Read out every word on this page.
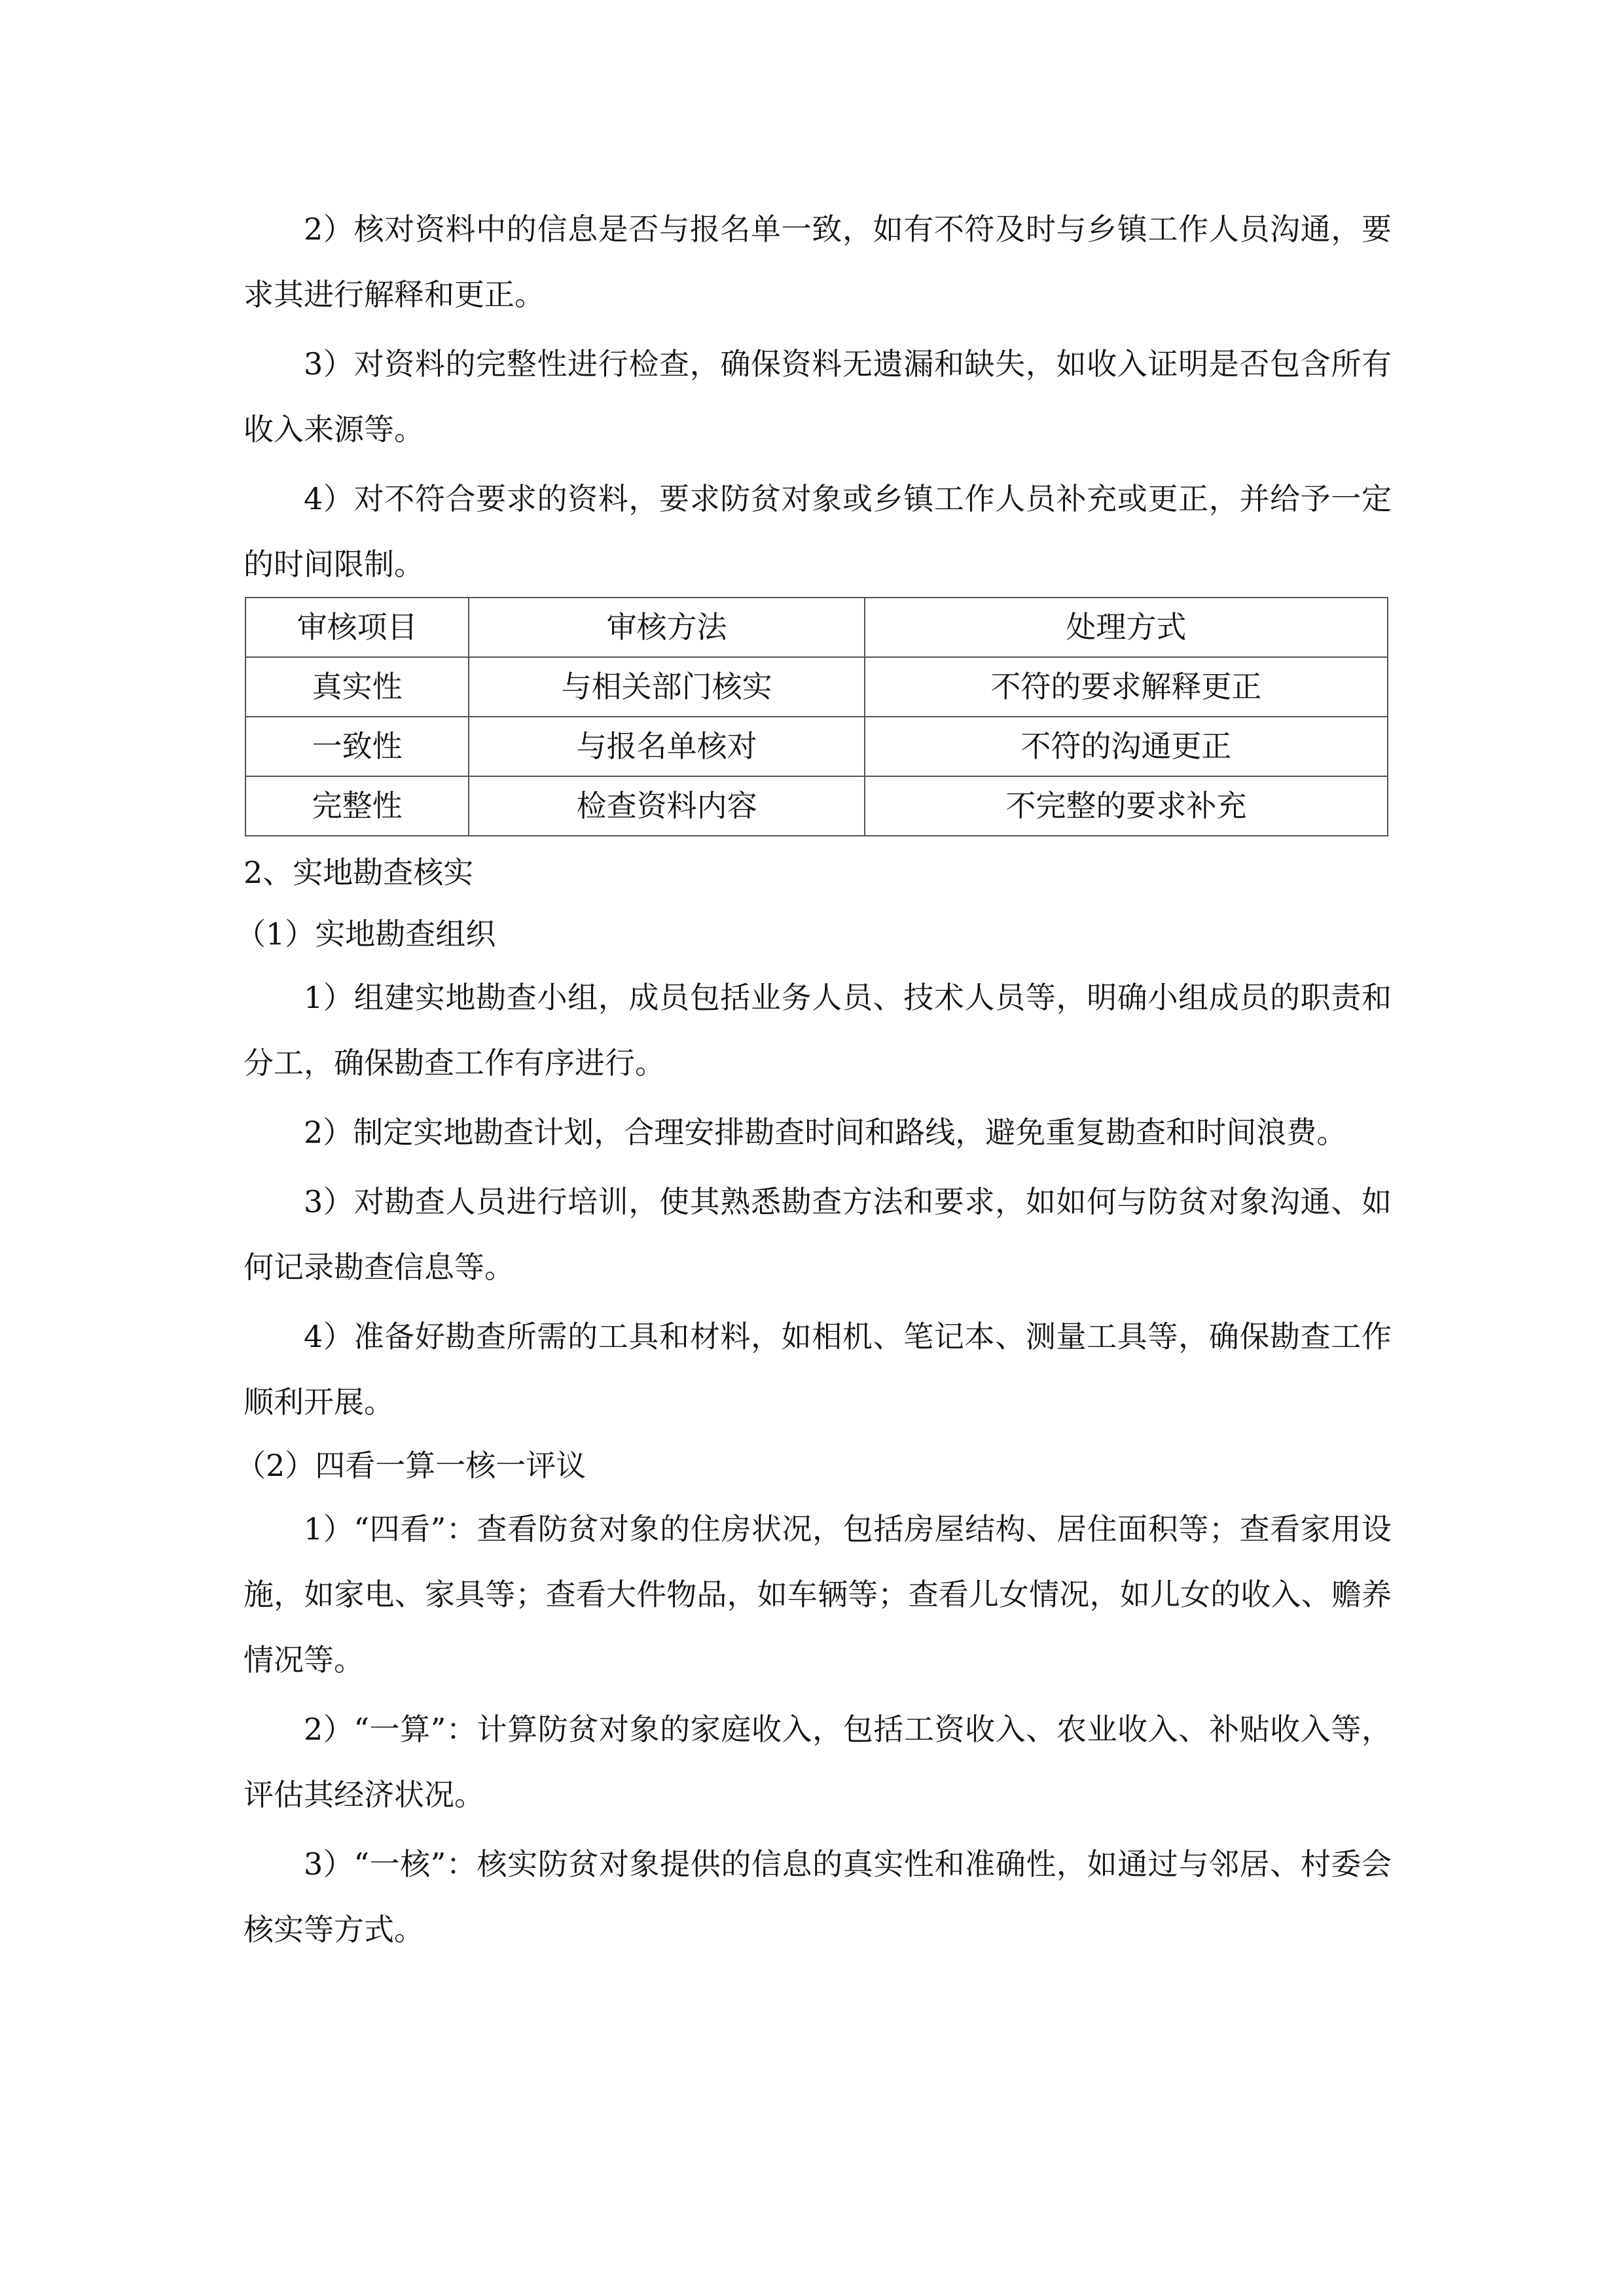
2）核对资料中的信息是否与报名单一致，如有不符及时与乡镇工作人员沟通，要求其进行解释和更正。

3）对资料的完整性进行检查，确保资料无遗漏和缺失，如收入证明是否包含所有收入来源等。

4）对不符合要求的资料，要求防贫对象或乡镇工作人员补充或更正，并给予一定的时间限制。

审核项目	审核方法	处理方式
真实性	与相关部门核实	不符的要求解释更正
一致性	与报名单核对	不符的沟通更正
完整性	检查资料内容	不完整的要求补充

2、实地勘查核实

（1）实地勘查组织

1）组建实地勘查小组，成员包括业务人员、技术人员等，明确小组成员的职责和分工，确保勘查工作有序进行。

2）制定实地勘查计划，合理安排勘查时间和路线，避免重复勘查和时间浪费。

3）对勘查人员进行培训，使其熟悉勘查方法和要求，如如何与防贫对象沟通、如何记录勘查信息等。

4）准备好勘查所需的工具和材料，如相机、笔记本、测量工具等，确保勘查工作顺利开展。

（2）四看一算一核一评议

1）“四看”：查看防贫对象的住房状况，包括房屋结构、居住面积等；查看家用设施，如家电、家具等；查看大件物品，如车辆等；查看儿女情况，如儿女的收入、赡养情况等。

2）“一算”：计算防贫对象的家庭收入，包括工资收入、农业收入、补贴收入等，评估其经济状况。

3）“一核”：核实防贫对象提供的信息的真实性和准确性，如通过与邻居、村委会核实等方式。
